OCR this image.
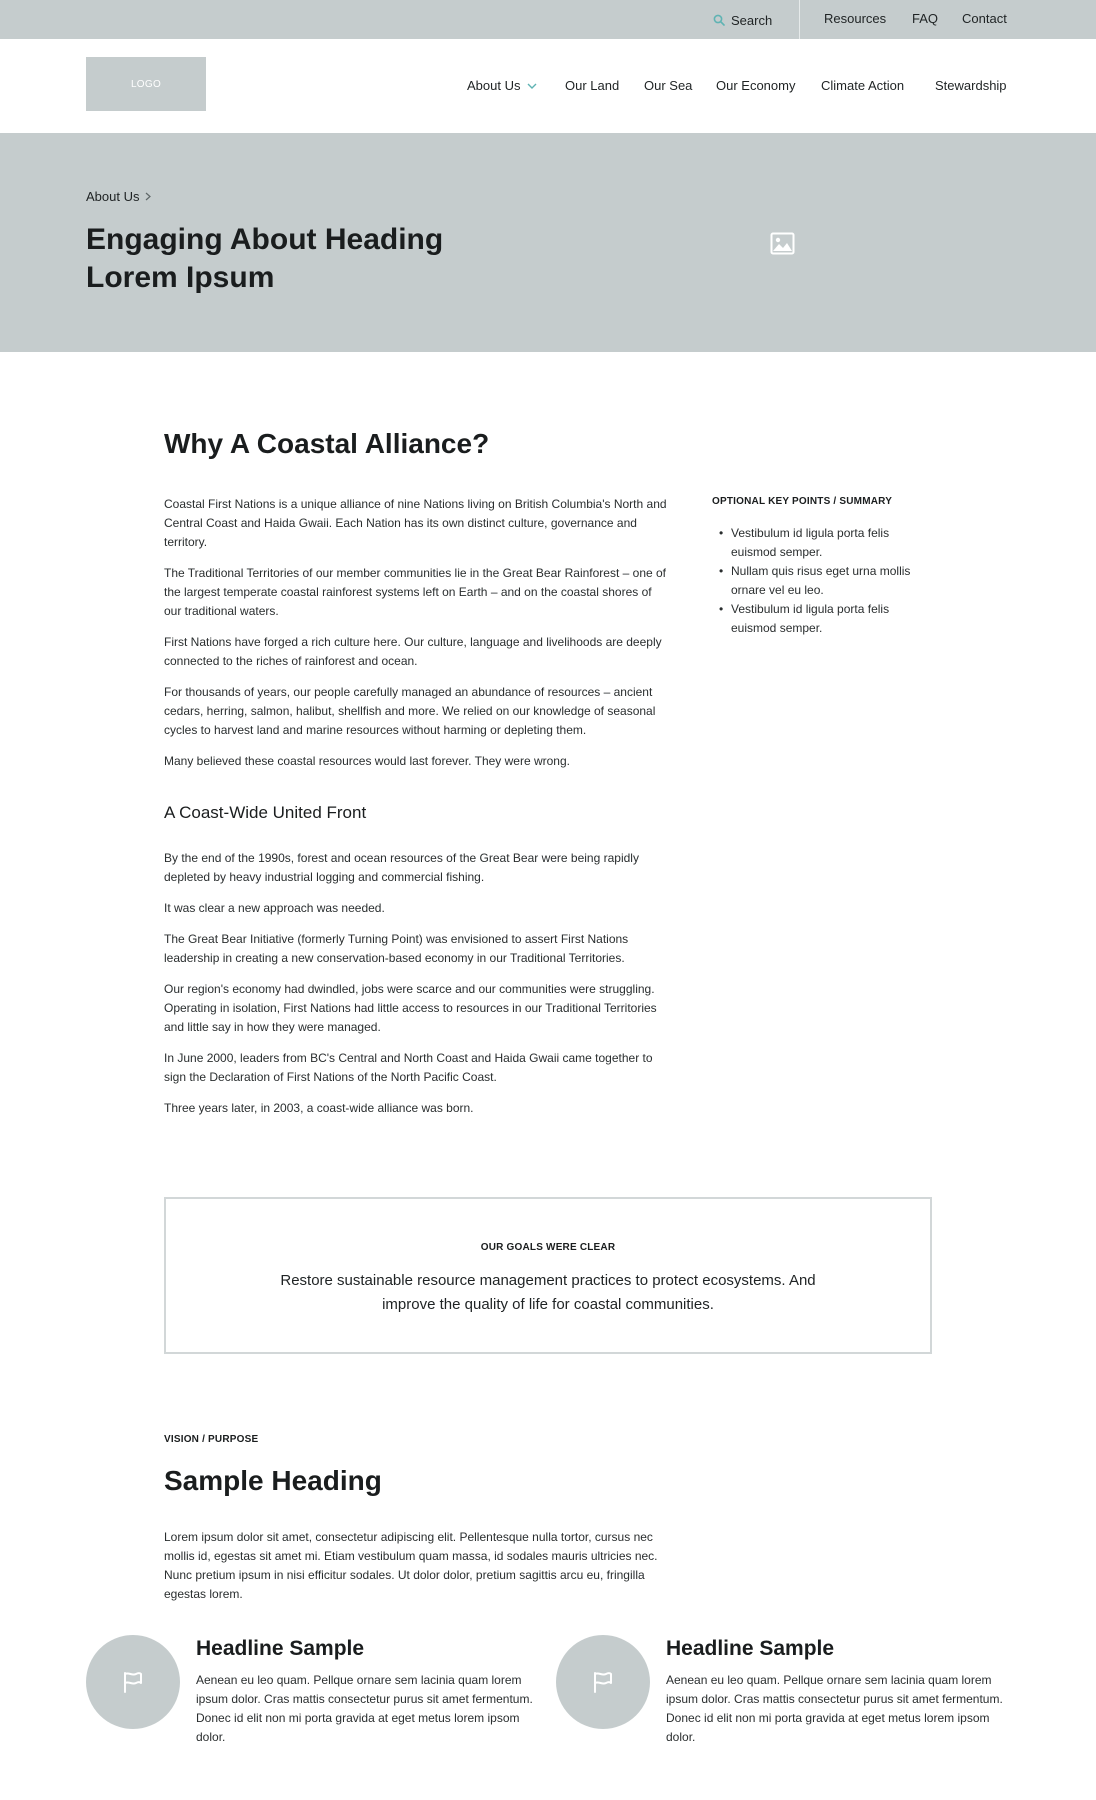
Search	Resources FAQ Contact
LOGO	About Us	Our Land Our Sea Our Economy Climate Action Stewardship
About Us
Engaging About Heading
Lorem Ipsum
Why A Coastal Alliance?

Coastal First Nations is a unique alliance of nine Nations living on British Columbia's North and Central Coast and Haida Gwaii. Each Nation has its own distinct culture, governance and territory.

The Traditional Territories of our member communities lie in the Great Bear Rainforest – one of the largest temperate coastal rainforest systems left on Earth – and on the coastal shores of our traditional waters.

First Nations have forged a rich culture here. Our culture, language and livelihoods are deeply connected to the riches of rainforest and ocean.

For thousands of years, our people carefully managed an abundance of resources – ancient cedars, herring, salmon, halibut, shellfish and more. We relied on our knowledge of seasonal cycles to harvest land and marine resources without harming or depleting them.

Many believed these coastal resources would last forever. They were wrong.

A Coast-Wide United Front

By the end of the 1990s, forest and ocean resources of the Great Bear were being rapidly depleted by heavy industrial logging and commercial fishing.

It was clear a new approach was needed.

The Great Bear Initiative (formerly Turning Point) was envisioned to assert First Nations leadership in creating a new conservation-based economy in our Traditional Territories.

Our region's economy had dwindled, jobs were scarce and our communities were struggling. Operating in isolation, First Nations had little access to resources in our Traditional Territories and little say in how they were managed.

In June 2000, leaders from BC's Central and North Coast and Haida Gwaii came together to sign the Declaration of First Nations of the North Pacific Coast.

Three years later, in 2003, a coast-wide alliance was born.

OPTIONAL KEY POINTS / SUMMARY
• Vestibulum id ligula porta felis euismod semper.
• Nullam quis risus eget urna mollis ornare vel eu leo.
• Vestibulum id ligula porta felis euismod semper.
OUR GOALS WERE CLEAR
Restore sustainable resource management practices to protect ecosystems. And improve the quality of life for coastal communities.
VISION / PURPOSE
Sample Heading

Lorem ipsum dolor sit amet, consectetur adipiscing elit. Pellentesque nulla tortor, cursus nec mollis id, egestas sit amet mi. Etiam vestibulum quam massa, id sodales mauris ultricies nec. Nunc pretium ipsum in nisi efficitur sodales. Ut dolor dolor, pretium sagittis arcu eu, fringilla egestas lorem.

Headline Sample

Aenean eu leo quam. Pellque ornare sem lacinia quam lorem ipsum dolor. Cras mattis consectetur purus sit amet fermentum. Donec id elit non mi porta gravida at eget metus lorem ipsom dolor.

Headline Sample

Aenean eu leo quam. Pellque ornare sem lacinia quam lorem ipsum dolor. Cras mattis consectetur purus sit amet fermentum. Donec id elit non mi porta gravida at eget metus lorem ipsom dolor.
